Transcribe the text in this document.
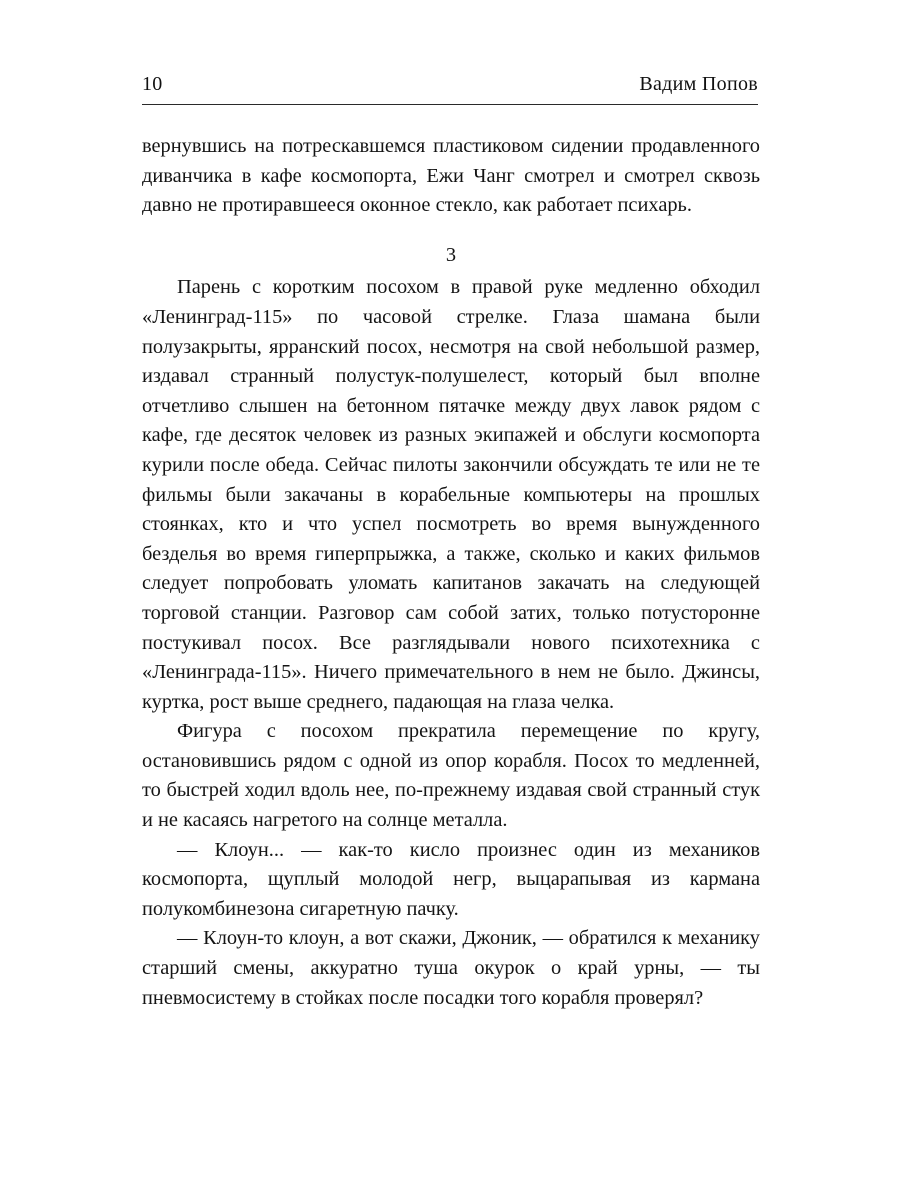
10	Вадим Попов

вернувшись на потрескавшемся пластиковом сидении продавленного диванчика в кафе космопорта, Ежи Чанг смотрел и смотрел сквозь давно не протиравшееся оконное стекло, как работает психарь.

3

Парень с коротким посохом в правой руке медленно обходил «Ленинград-115» по часовой стрелке. Глаза шамана были полузакрыты, ярранский посох, несмотря на свой небольшой размер, издавал странный полустук-полушелест, который был вполне отчетливо слышен на бетонном пятачке между двух лавок рядом с кафе, где десяток человек из разных экипажей и обслуги космопорта курили после обеда. Сейчас пилоты закончили обсуждать те или не те фильмы были закачаны в корабельные компьютеры на прошлых стоянках, кто и что успел посмотреть во время вынужденного безделья во время гиперпрыжка, а также, сколько и каких фильмов следует попробовать уломать капитанов закачать на следующей торговой станции. Разговор сам собой затих, только потусторонне постукивал посох. Все разглядывали нового психотехника с «Ленинграда-115». Ничего примечательного в нем не было. Джинсы, куртка, рост выше среднего, падающая на глаза челка.

Фигура с посохом прекратила перемещение по кругу, остановившись рядом с одной из опор корабля. Посох то медленней, то быстрей ходил вдоль нее, по-прежнему издавая свой странный стук и не касаясь нагретого на солнце металла.

— Клоун... — как-то кисло произнес один из механиков космопорта, щуплый молодой негр, выцарапывая из кармана полукомбинезона сигаретную пачку.

— Клоун-то клоун, а вот скажи, Джоник, — обратился к механику старший смены, аккуратно туша окурок о край урны, — ты пневмосистему в стойках после посадки того корабля проверял?
